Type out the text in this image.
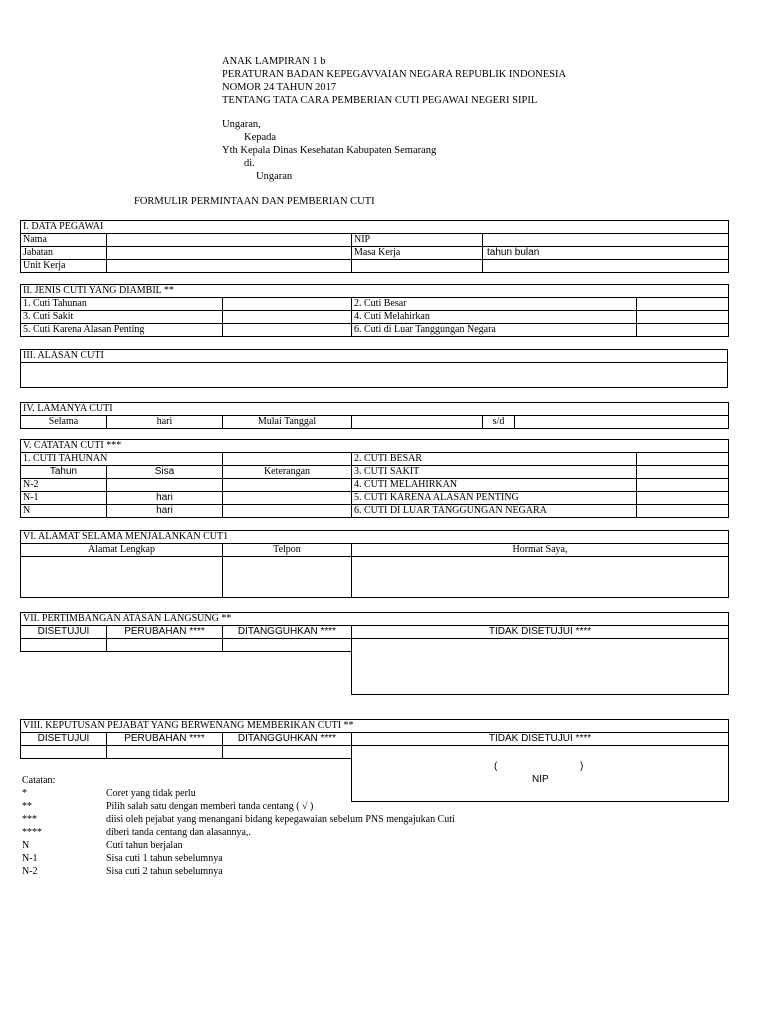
ANAK LAMPIRAN 1 b
PERATURAN BADAN KEPEGAVVAIAN NEGARA REPUBLIK INDONESIA
NOMOR 24 TAHUN 2017
TENTANG TATA CARA PEMBERIAN CUTI PEGAWAI NEGERI SIPIL
Ungaran,
Kepada
Yth Kepala Dinas Kesehatan Kabupaten Semarang
di.
Ungaran
FORMULIR PERMINTAAN DAN PEMBERIAN CUTI
I. DATA PEGAWAI			
Nama		NIP	
Jabatan		Masa Kerja	tahun bulan
Unit Kerja			
II. JENIS CUTI YANG DIAMBIL **			
1. Cuti Tahunan		2. Cuti Besar	
3. Cuti Sakit		4. Cuti Melahirkan	
5. Cuti Karena Alasan Penting		6. Cuti di Luar Tanggungan Negara	
III. ALASAN CUTI

IV. LAMANYA CUTI
Selama	hari	Mulai Tanggal		s/d	
V. CATATAN CUTI ***				
1. CUTI TAHUNAN			2. CUTI BESAR	
Tahun	Sisa	Keterangan	3. CUTI SAKIT	
N-2			4. CUTI MELAHIRKAN	
N-1	hari		5. CUTI KARENA ALASAN PENTING	
N	hari		6. CUTI DI LUAR TANGGUNGAN NEGARA	
VI. ALAMAT SELAMA MENJALANKAN CUT1		
Alamat Lengkap	Telpon	Hormat Saya,

VII. PERTIMBANGAN ATASAN LANGSUNG **			
DISETUJUI	PERUBAHAN ****	DITANGGUHKAN ****	TIDAK DISETUJUI ****

VIII. KEPUTUSAN PEJABAT YANG BERWENANG MEMBERIKAN CUTI **			
DISETUJUI	PERUBAHAN ****	DITANGGUHKAN ****	TIDAK DISETUJUI ****

			( )
NIP

Catatan:
*	Coret yang tidak perlu
**	Pilih salah satu dengan memberi tanda centang ( √ )
***	diisi oleh pejabat yang menangani bidang kepegawaian sebelum PNS mengajukan Cuti
****	diberi tanda centang dan alasannya,.
N	Cuti tahun berjalan
N-1	Sisa cuti 1 tahun sebelumnya
N-2	Sisa cuti 2 tahun sebelumnya
